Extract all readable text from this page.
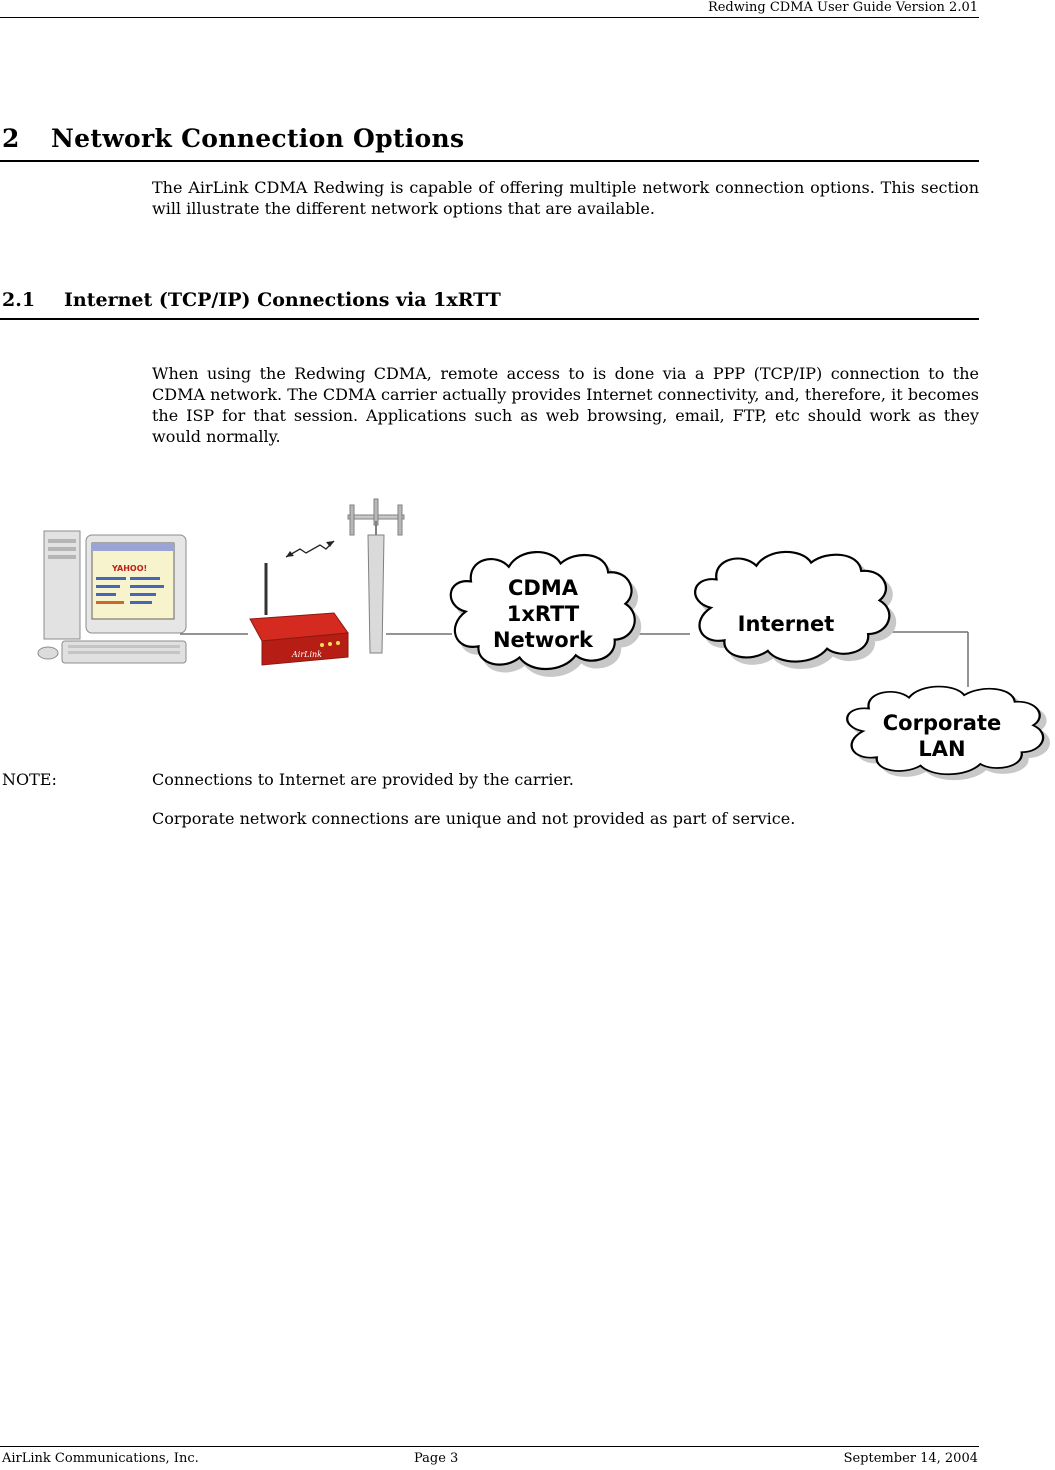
Redwing CDMA User Guide Version 2.01
2 Network Connection Options
The AirLink CDMA Redwing is capable of offering multiple network connection options. This section will illustrate the different network options that are available.
2.1 Internet (TCP/IP) Connections via 1xRTT
When using the Redwing CDMA, remote access to is done via a PPP (TCP/IP) connection to the CDMA network. The CDMA carrier actually provides Internet connectivity, and, therefore, it becomes the ISP for that session. Applications such as web browsing, email, FTP, etc should work as they would normally.
YAHOO!
AirLink
CDMA
1xRTT
Network
Internet
Corporate
LAN
NOTE:	Connections to Internet are provided by the carrier.
Corporate network connections are unique and not provided as part of service.
AirLink Communications, Inc.	Page 3	September 14, 2004
